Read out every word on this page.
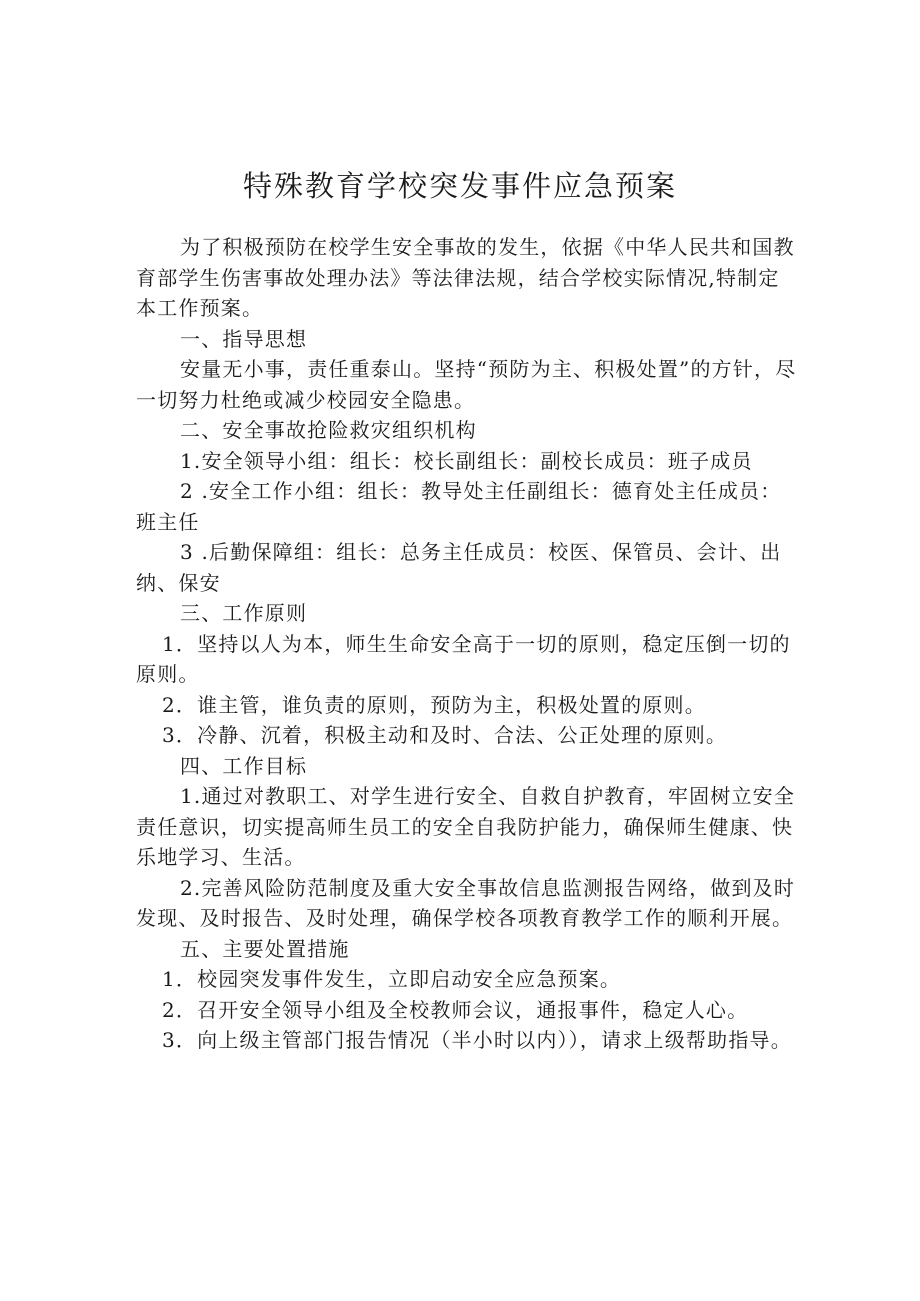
特殊教育学校突发事件应急预案

为了积极预防在校学生安全事故的发生，依据《中华人民共和国教育部学生伤害事故处理办法》等法律法规，结合学校实际情况,特制定本工作预案。

一、指导思想

安量无小事，责任重泰山。坚持“预防为主、积极处置”的方针，尽一切努力杜绝或减少校园安全隐患。

二、安全事故抢险救灾组织机构

1.安全领导小组：组长：校长副组长：副校长成员：班子成员

2 .安全工作小组：组长：教导处主任副组长：德育处主任成员：班主任

3 .后勤保障组：组长：总务主任成员：校医、保管员、会计、出纳、保安

三、工作原则

1．坚持以人为本，师生生命安全高于一切的原则，稳定压倒一切的原则。

2．谁主管，谁负责的原则，预防为主，积极处置的原则。

3．冷静、沉着，积极主动和及时、合法、公正处理的原则。

四、工作目标

1.通过对教职工、对学生进行安全、自救自护教育，牢固树立安全责任意识，切实提高师生员工的安全自我防护能力，确保师生健康、快乐地学习、生活。

2.完善风险防范制度及重大安全事故信息监测报告网络，做到及时发现、及时报告、及时处理，确保学校各项教育教学工作的顺利开展。

五、主要处置措施

1．校园突发事件发生，立即启动安全应急预案。

2．召开安全领导小组及全校教师会议，通报事件，稳定人心。

3．向上级主管部门报告情况（半小时以内）），请求上级帮助指导。
